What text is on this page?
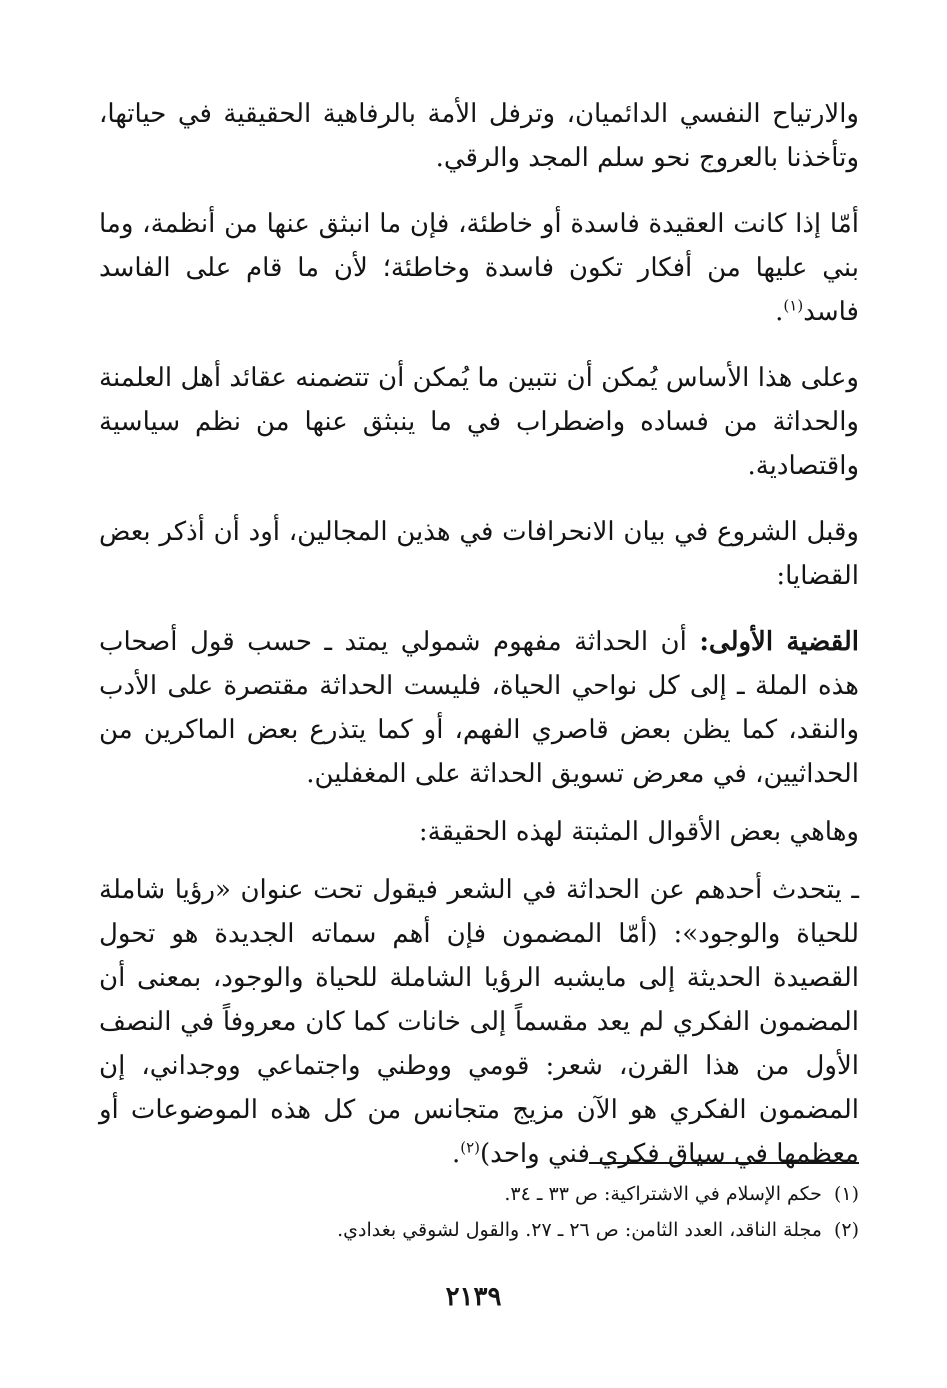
والارتياح النفسي الدائميان، وترفل الأمة بالرفاهية الحقيقية في حياتها، وتأخذنا بالعروج نحو سلم المجد والرقي.

أمّا إذا كانت العقيدة فاسدة أو خاطئة، فإن ما انبثق عنها من أنظمة، وما بني عليها من أفكار تكون فاسدة وخاطئة؛ لأن ما قام على الفاسد فاسد$^{(١)}$.

وعلى هذا الأساس يُمكن أن نتبين ما يُمكن أن تتضمنه عقائد أهل العلمنة والحداثة من فساده واضطراب في ما ينبثق عنها من نظم سياسية واقتصادية.

وقبل الشروع في بيان الانحرافات في هذين المجالين، أود أن أذكر بعض القضايا:

القضية الأولى: أن الحداثة مفهوم شمولي يمتد ـ حسب قول أصحاب هذه الملة ـ إلى كل نواحي الحياة، فليست الحداثة مقتصرة على الأدب والنقد، كما يظن بعض قاصري الفهم، أو كما يتذرع بعض الماكرين من الحداثيين، في معرض تسويق الحداثة على المغفلين.

وهاهي بعض الأقوال المثبتة لهذه الحقيقة:

ـ يتحدث أحدهم عن الحداثة في الشعر فيقول تحت عنوان «رؤيا شاملة للحياة والوجود»: (أمّا المضمون فإن أهم سماته الجديدة هو تحول القصيدة الحديثة إلى مايشبه الرؤيا الشاملة للحياة والوجود، بمعنى أن المضمون الفكري لم يعد مقسماً إلى خانات كما كان معروفاً في النصف الأول من هذا القرن، شعر: قومي ووطني واجتماعي ووجداني، إن المضمون الفكري هو الآن مزيج متجانس من كل هذه الموضوعات أو معظمها في سياق فكري فني واحد)$^{(٢)}$.

(١)حكم الإسلام في الاشتراكية: ص ٣٣ ـ ٣٤.

(٢)مجلة الناقد، العدد الثامن: ص ٢٦ ـ ٢٧. والقول لشوقي بغدادي.

٢١٣٩
